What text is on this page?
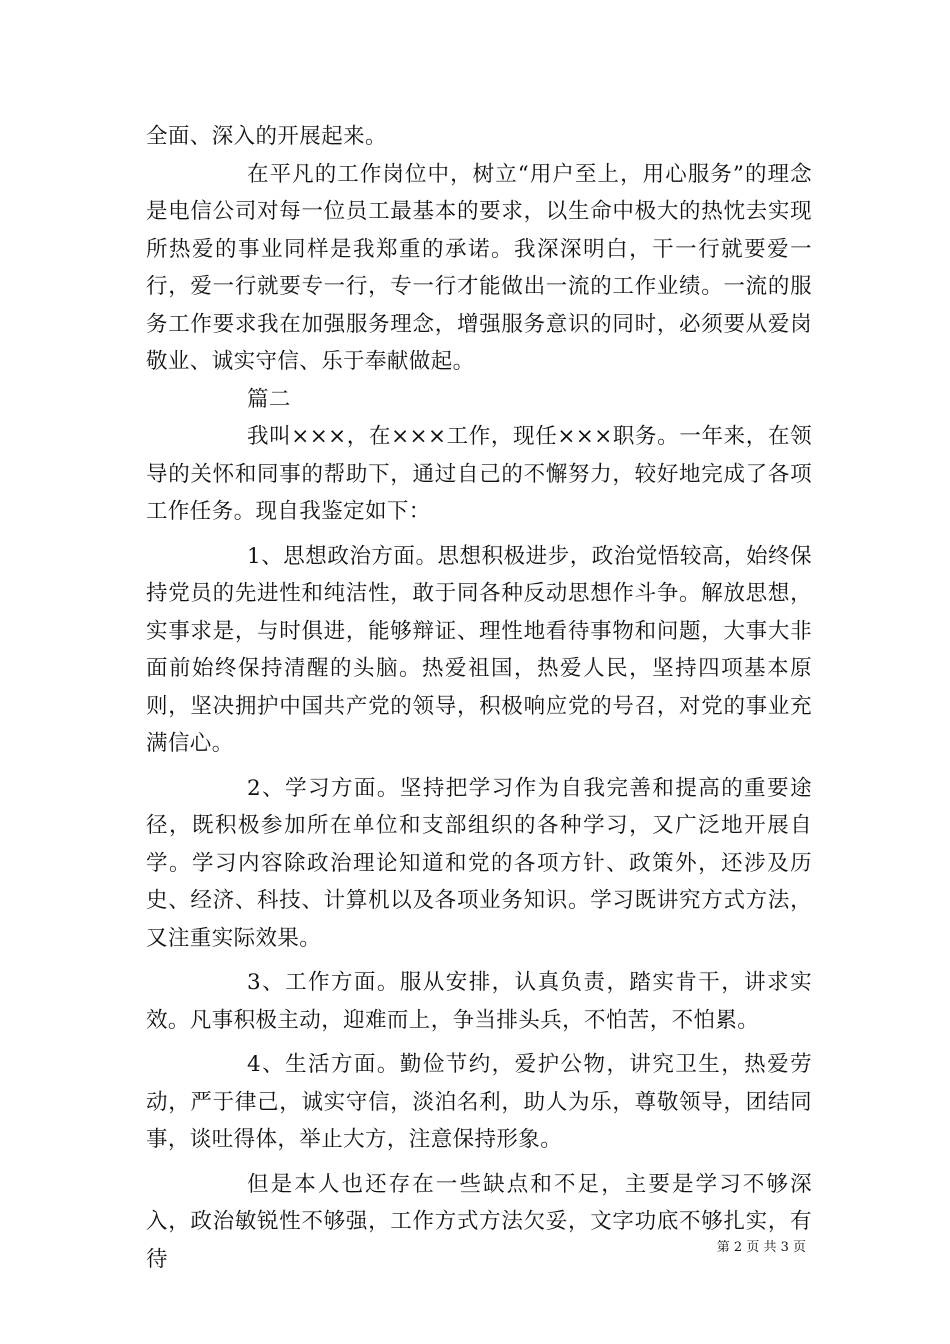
全面、深入的开展起来。

在平凡的工作岗位中，树立“用户至上，用心服务”的理念是电信公司对每一位员工最基本的要求，以生命中极大的热忱去实现所热爱的事业同样是我郑重的承诺。我深深明白，干一行就要爱一行，爱一行就要专一行，专一行才能做出一流的工作业绩。一流的服务工作要求我在加强服务理念，增强服务意识的同时，必须要从爱岗敬业、诚实守信、乐于奉献做起。

篇二

我叫×××，在×××工作，现任×××职务。一年来，在领导的关怀和同事的帮助下，通过自己的不懈努力，较好地完成了各项工作任务。现自我鉴定如下：

1、思想政治方面。思想积极进步，政治觉悟较高，始终保持党员的先进性和纯洁性，敢于同各种反动思想作斗争。解放思想，实事求是，与时俱进，能够辩证、理性地看待事物和问题，大事大非面前始终保持清醒的头脑。热爱祖国，热爱人民，坚持四项基本原则，坚决拥护中国共产党的领导，积极响应党的号召，对党的事业充满信心。

2、学习方面。坚持把学习作为自我完善和提高的重要途径，既积极参加所在单位和支部组织的各种学习，又广泛地开展自学。学习内容除政治理论知道和党的各项方针、政策外，还涉及历史、经济、科技、计算机以及各项业务知识。学习既讲究方式方法，又注重实际效果。

3、工作方面。服从安排，认真负责，踏实肯干，讲求实效。凡事积极主动，迎难而上，争当排头兵，不怕苦，不怕累。

4、生活方面。勤俭节约，爱护公物，讲究卫生，热爱劳动，严于律己，诚实守信，淡泊名利，助人为乐，尊敬领导，团结同事，谈吐得体，举止大方，注意保持形象。

但是本人也还存在一些缺点和不足，主要是学习不够深入，政治敏锐性不够强，工作方式方法欠妥，文字功底不够扎实，有待	第 2 页 共 3 页
